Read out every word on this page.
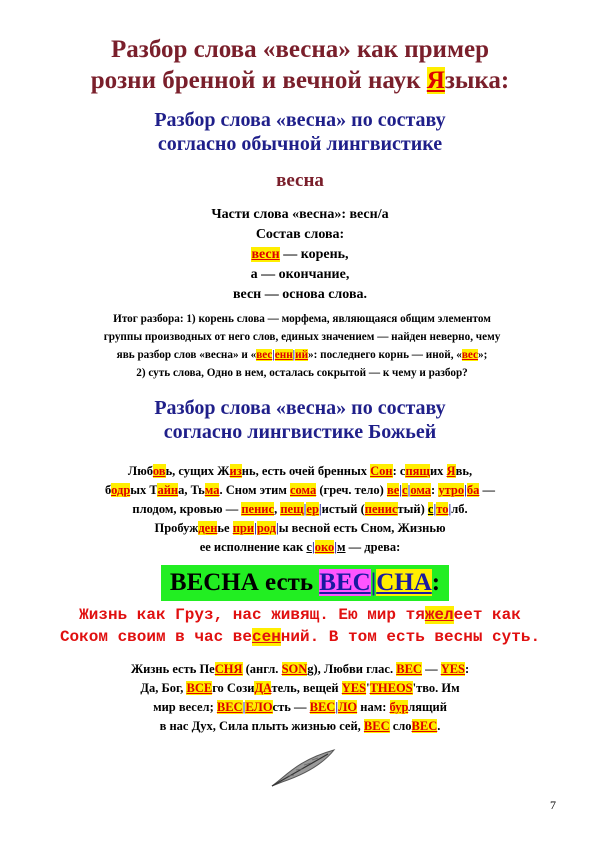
Разбор слова «весна» как пример
розни бренной и вечной наук Языка:
Разбор слова «весна» по составу
согласно обычной лингвистике
весна
Части слова «весна»: весн/а
Состав слова:
весн — корень,
а — окончание,
весн — основа слова.
Итог разбора: 1) корень слова — морфема, являющаяся общим элементом
группы производных от него слов, единых значением — найден неверно, чему
явь разбор слов «весна» и «вес|енн|ий»: последнего корнь — иной, «вес»;
2) суть слова, Одно в нем, осталась сокрытой — к чему и разбор?
Разбор слова «весна» по составу
согласно лингвистике Божьей
Любовь, сущих Жизнь, есть очей бренных Сон: спящих Явь,
бодрых Тайна, Тьма. Сном этим сома (греч. тело) ве|с|ома: утро|ба —
плодом, кровью — пенис, пещ|ер|истый (пенистый) с|то|лб.
Пробужденье при|род|ы весной есть Сном, Жизнью
ее исполнение как с|око|м — древа:
ВЕСНА есть ВЕС|СНА:
Жизнь как Груз, нас живящ. Ею мир тяжелеет как
Соком своим в час весенний. В том есть весны суть.
Жизнь есть ПеСНЯ (англ. SONg), Любви глас. ВЕС — YES:
Да, Бог, ВСЕго СозиДАтель, вещей YES'THEOS'тво. Им
мир весел; ВЕС|ЕЛОсть — ВЕС|ЛО нам: бурлящий
в нас Дух, Сила плыть жизнью сей, ВЕС слоВЕС.
7
